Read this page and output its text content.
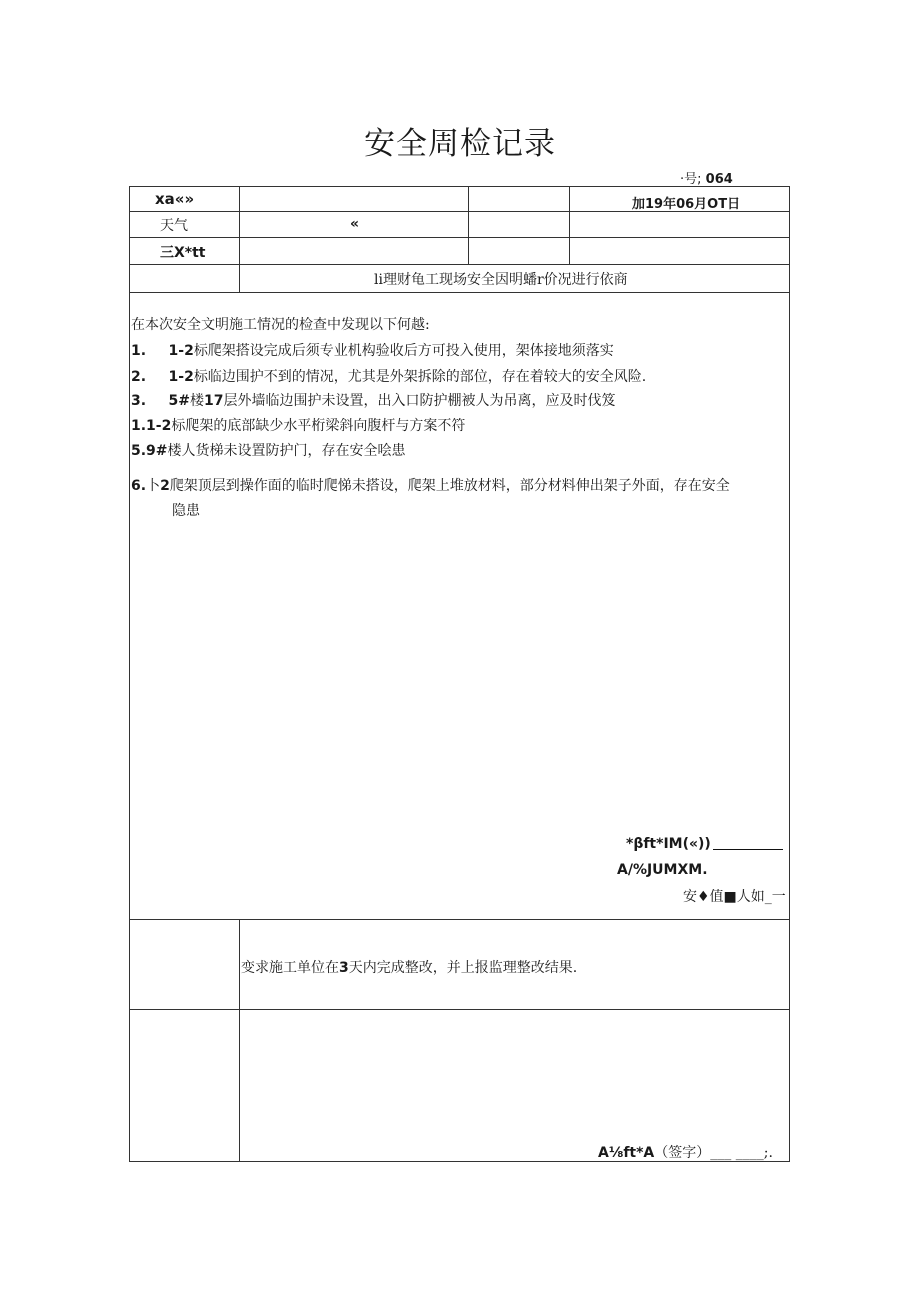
安全周检记录
·号; 064
xa«»	加19年06月OT日
天气	«
三X*tt
li理财龟工现场安全因明蟠r价况进行依商
在本次安全文明施工情况的检查中发现以下何越:
1. 1-2标爬架搭设完成后须专业机构验收后方可投入使用，架体接地须落实
2. 1-2标临边围护不到的情况，尤其是外架拆除的部位，存在着较大的安全风险.
3. 5#楼17层外墙临边围护未设置，出入口防护棚被人为吊离，应及时伐笈
1.1-2标爬架的底部缺少水平桁梁斜向腹杆与方案不符
5.9#楼人货梯未设置防护门，存在安全哙患
6.卜2爬架顶层到操作面的临时爬悌未搭设，爬架上堆放材料，部分材料伸出架子外面，存在安全
隐患
*βft*IM(«))
A/%JUMXM.
安♦值■人如_一
变求施工单位在3天内完成整改，并上报监理整改结果.
A⅛ft*A（签字）___ ____;.
